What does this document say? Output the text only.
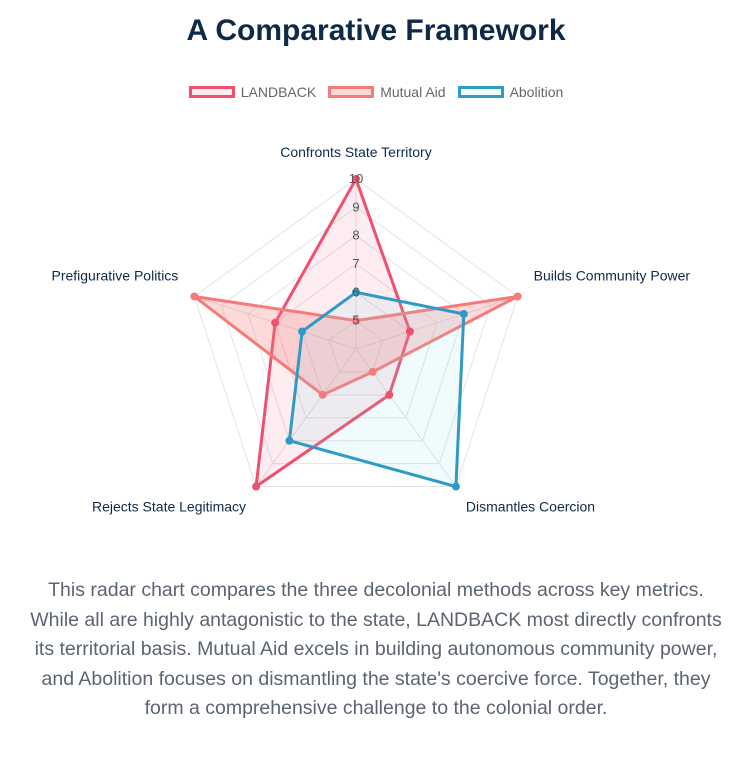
A Comparative Framework
LANDBACK	Mutual Aid	Abolition
5
6
7
8
9
10
Confronts State Territory
Builds Community Power
Dismantles Coercion
Rejects State Legitimacy
Prefigurative Politics

This radar chart compares the three decolonial methods across key metrics. While all are highly antagonistic to the state, LANDBACK most directly confronts its territorial basis. Mutual Aid excels in building autonomous community power, and Abolition focuses on dismantling the state's coercive force. Together, they form a comprehensive challenge to the colonial order.
